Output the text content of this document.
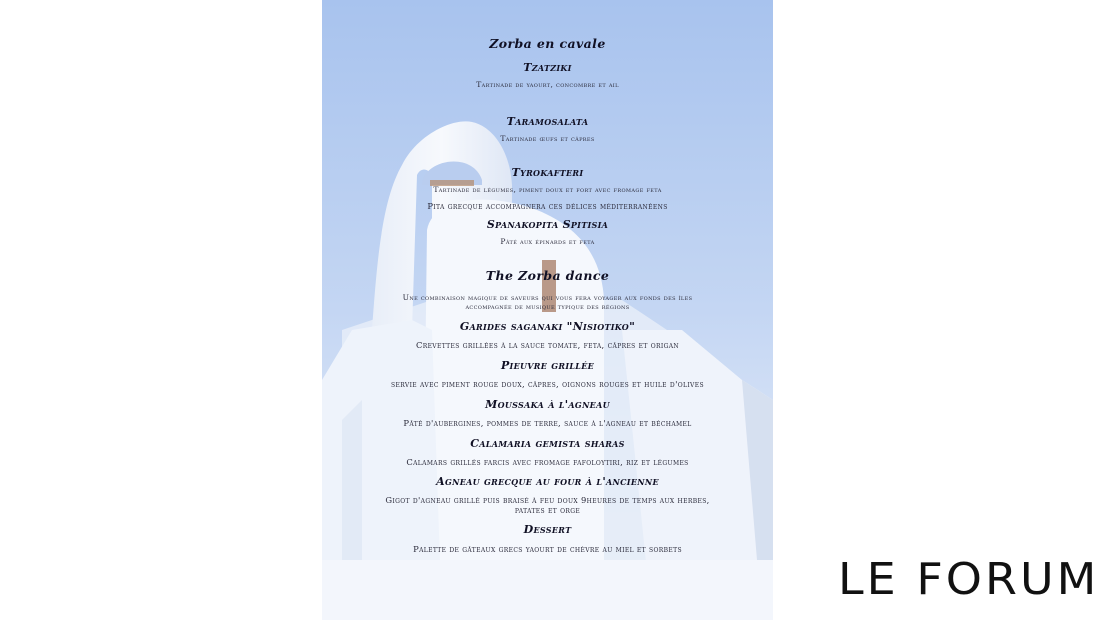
Zorba en cavale
Tzatziki

Tartinade de yaourt, concombre et ail

Taramosalata

Tartinade œufs et câpres

Tyrokafteri

Tartinade de légumes, piment doux et fort avec fromage feta

Pita grecque accompagnera ces délices méditerranéens

Spanakopita Spitisia

Pâté aux épinards et feta

The Zorba dance

Une combinaison magique de saveurs qui vous fera voyager aux fonds des îles

accompagnée de musique typique des régions

Garides saganaki "Nisiotiko"

Crevettes grillées à la sauce tomate, feta, câpres et origan

Pieuvre grillée

servie avec piment rouge doux, câpres, oignons rouges et huile d'olives

Moussaka à l'agneau

Pâté d'aubergines, pommes de terre, sauce à l'agneau et béchamel

Calamaria gemista sharas

Calamars grillés farcis avec fromage fafoloytiri, riz et légumes

Agneau grecque au four à l'ancienne

Gigot d'agneau grillé puis braisé à feu doux 9heures de temps aux herbes,

patates et orge

Dessert

Palette de gâteaux grecs yaourt de chèvre au miel et sorbets

LE FORUM
